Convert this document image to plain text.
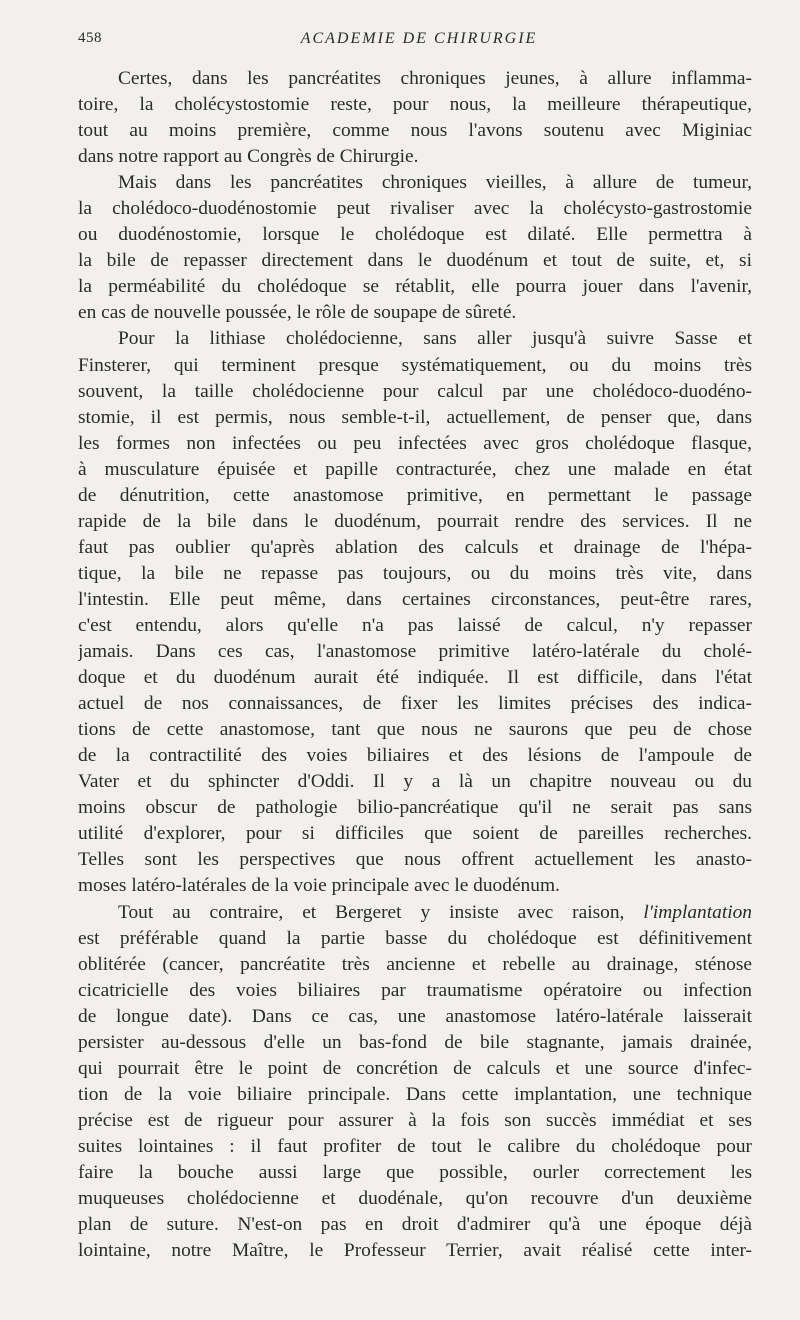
458	ACADEMIE DE CHIRURGIE
Certes, dans les pancréatites chroniques jeunes, à allure inflamma-
toire, la cholécystostomie reste, pour nous, la meilleure thérapeutique,
tout au moins première, comme nous l'avons soutenu avec Miginiac
dans notre rapport au Congrès de Chirurgie.
Mais dans les pancréatites chroniques vieilles, à allure de tumeur,
la cholédoco-duodénostomie peut rivaliser avec la cholécysto-gastrostomie
ou duodénostomie, lorsque le cholédoque est dilaté. Elle permettra à
la bile de repasser directement dans le duodénum et tout de suite, et, si
la perméabilité du cholédoque se rétablit, elle pourra jouer dans l'avenir,
en cas de nouvelle poussée, le rôle de soupape de sûreté.
Pour la lithiase cholédocienne, sans aller jusqu'à suivre Sasse et
Finsterer, qui terminent presque systématiquement, ou du moins très
souvent, la taille cholédocienne pour calcul par une cholédoco-duodéno-
stomie, il est permis, nous semble-t-il, actuellement, de penser que, dans
les formes non infectées ou peu infectées avec gros cholédoque flasque,
à musculature épuisée et papille contracturée, chez une malade en état
de dénutrition, cette anastomose primitive, en permettant le passage
rapide de la bile dans le duodénum, pourrait rendre des services. Il ne
faut pas oublier qu'après ablation des calculs et drainage de l'hépa-
tique, la bile ne repasse pas toujours, ou du moins très vite, dans
l'intestin. Elle peut même, dans certaines circonstances, peut-être rares,
c'est entendu, alors qu'elle n'a pas laissé de calcul, n'y repasser
jamais. Dans ces cas, l'anastomose primitive latéro-latérale du cholé-
doque et du duodénum aurait été indiquée. Il est difficile, dans l'état
actuel de nos connaissances, de fixer les limites précises des indica-
tions de cette anastomose, tant que nous ne saurons que peu de chose
de la contractilité des voies biliaires et des lésions de l'ampoule de
Vater et du sphincter d'Oddi. Il y a là un chapitre nouveau ou du
moins obscur de pathologie bilio-pancréatique qu'il ne serait pas sans
utilité d'explorer, pour si difficiles que soient de pareilles recherches.
Telles sont les perspectives que nous offrent actuellement les anasto-
moses latéro-latérales de la voie principale avec le duodénum.
Tout au contraire, et Bergeret y insiste avec raison, l'implantation
est préférable quand la partie basse du cholédoque est définitivement
oblitérée (cancer, pancréatite très ancienne et rebelle au drainage, sténose
cicatricielle des voies biliaires par traumatisme opératoire ou infection
de longue date). Dans ce cas, une anastomose latéro-latérale laisserait
persister au-dessous d'elle un bas-fond de bile stagnante, jamais drainée,
qui pourrait être le point de concrétion de calculs et une source d'infec-
tion de la voie biliaire principale. Dans cette implantation, une technique
précise est de rigueur pour assurer à la fois son succès immédiat et ses
suites lointaines : il faut profiter de tout le calibre du cholédoque pour
faire la bouche aussi large que possible, ourler correctement les
muqueuses cholédocienne et duodénale, qu'on recouvre d'un deuxième
plan de suture. N'est-on pas en droit d'admirer qu'à une époque déjà
lointaine, notre Maître, le Professeur Terrier, avait réalisé cette inter-
